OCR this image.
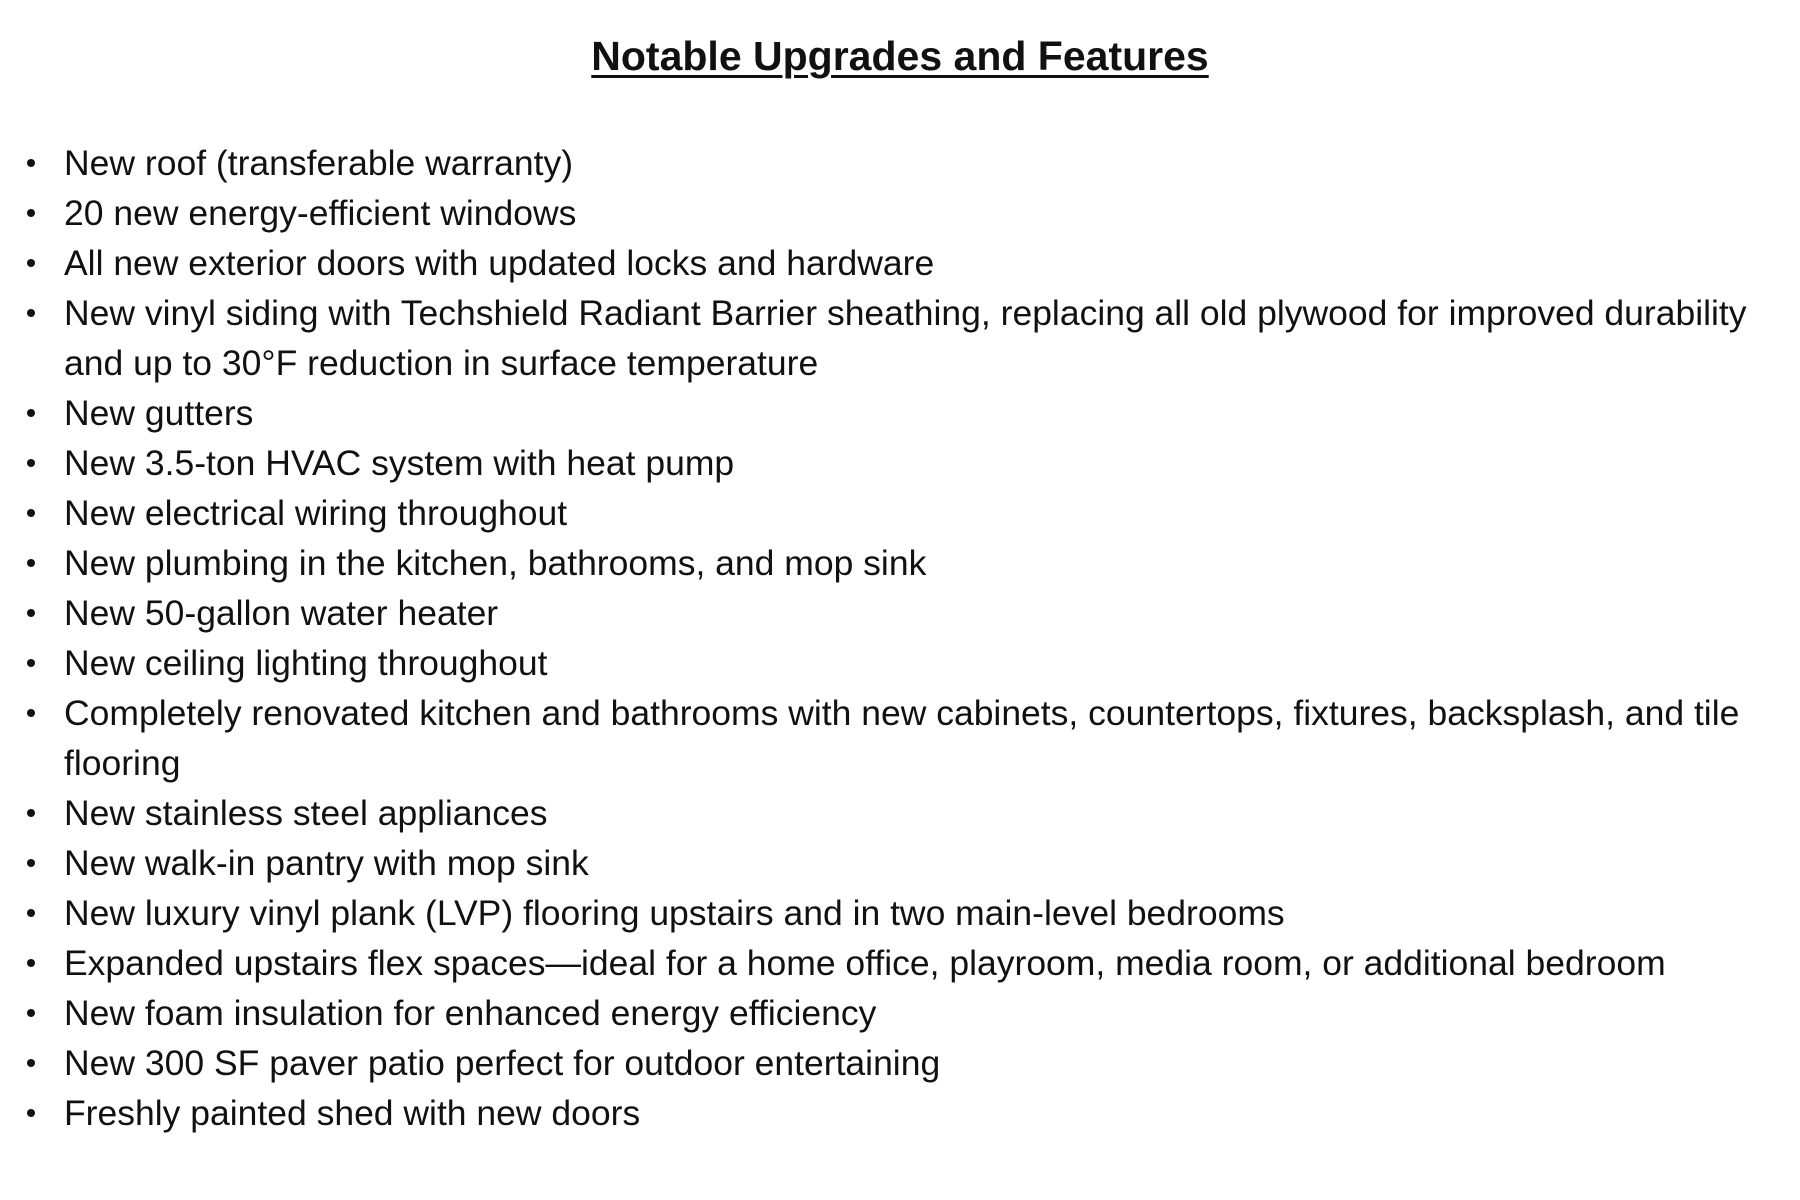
Notable Upgrades and Features
New roof (transferable warranty)
20 new energy-efficient windows
All new exterior doors with updated locks and hardware
New vinyl siding with Techshield Radiant Barrier sheathing, replacing all old plywood for improved durability and up to 30°F reduction in surface temperature
New gutters
New 3.5-ton HVAC system with heat pump
New electrical wiring throughout
New plumbing in the kitchen, bathrooms, and mop sink
New 50-gallon water heater
New ceiling lighting throughout
Completely renovated kitchen and bathrooms with new cabinets, countertops, fixtures, backsplash, and tile flooring
New stainless steel appliances
New walk-in pantry with mop sink
New luxury vinyl plank (LVP) flooring upstairs and in two main-level bedrooms
Expanded upstairs flex spaces—ideal for a home office, playroom, media room, or additional bedroom
New foam insulation for enhanced energy efficiency
New 300 SF paver patio perfect for outdoor entertaining
Freshly painted shed with new doors
